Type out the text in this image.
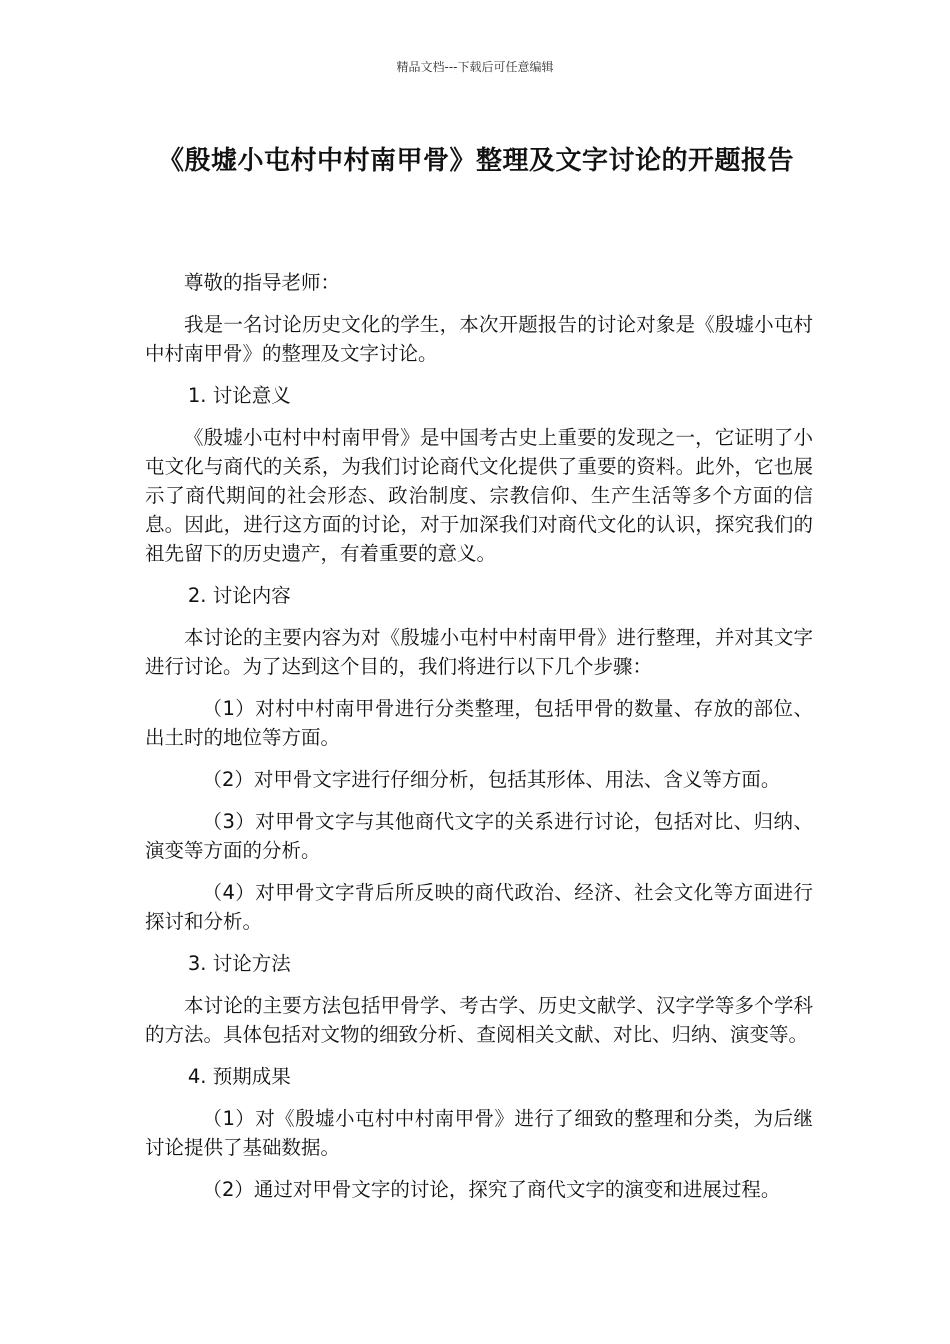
精品文档---下载后可任意编辑
《殷墟小屯村中村南甲骨》整理及文字讨论的开题报告

尊敬的指导老师：

我是一名讨论历史文化的学生，本次开题报告的讨论对象是《殷墟小屯村中村南甲骨》的整理及文字讨论。

1. 讨论意义

《殷墟小屯村中村南甲骨》是中国考古史上重要的发现之一，它证明了小屯文化与商代的关系，为我们讨论商代文化提供了重要的资料。此外，它也展示了商代期间的社会形态、政治制度、宗教信仰、生产生活等多个方面的信息。因此，进行这方面的讨论，对于加深我们对商代文化的认识，探究我们的祖先留下的历史遗产，有着重要的意义。

2. 讨论内容

本讨论的主要内容为对《殷墟小屯村中村南甲骨》进行整理，并对其文字进行讨论。为了达到这个目的，我们将进行以下几个步骤：

（1）对村中村南甲骨进行分类整理，包括甲骨的数量、存放的部位、出土时的地位等方面。

（2）对甲骨文字进行仔细分析，包括其形体、用法、含义等方面。

（3）对甲骨文字与其他商代文字的关系进行讨论，包括对比、归纳、演变等方面的分析。

（4）对甲骨文字背后所反映的商代政治、经济、社会文化等方面进行探讨和分析。

3. 讨论方法

本讨论的主要方法包括甲骨学、考古学、历史文献学、汉字学等多个学科的方法。具体包括对文物的细致分析、查阅相关文献、对比、归纳、演变等。

4. 预期成果

（1）对《殷墟小屯村中村南甲骨》进行了细致的整理和分类，为后继讨论提供了基础数据。

（2）通过对甲骨文字的讨论，探究了商代文字的演变和进展过程。
